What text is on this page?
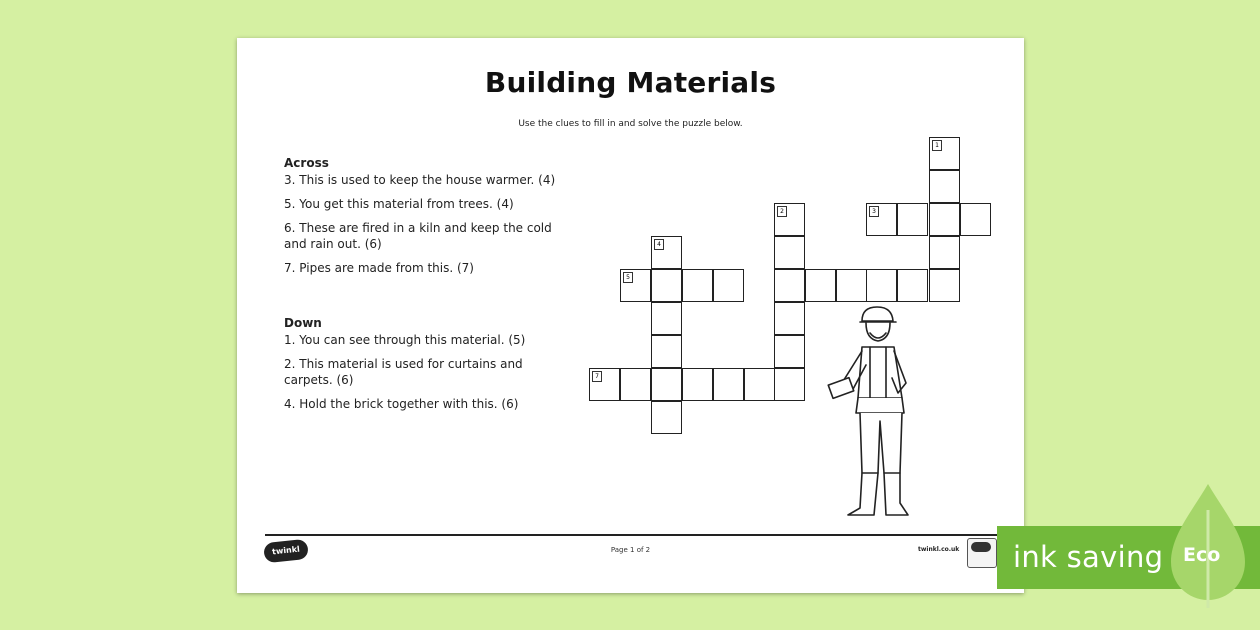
Building Materials
Use the clues to fill in and solve the puzzle below.
Across
3. This is used to keep the house warmer. (4)
5. You get this material from trees. (4)
6. These are fired in a kiln and keep the cold and rain out. (6)
7. Pipes are made from this. (7)
Down
1. You can see through this material. (5)
2. This material is used for curtains and carpets. (6)
4. Hold the brick together with this. (6)
1
3
2
4
5
7
twinkl	Page 1 of 2	twinkl.co.uk ink saving Eco
